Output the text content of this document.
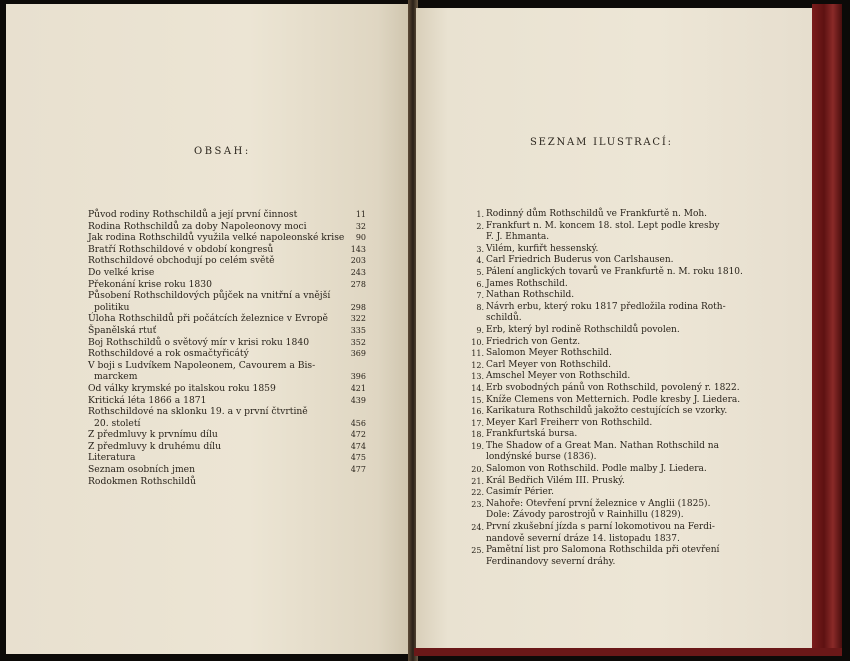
OBSAH:
Původ rodiny Rothschildů a její první činnost	11
Rodina Rothschildů za doby Napoleonovy moci	32
Jak rodina Rothschildů využila velké napoleonské krise 90
Bratří Rothschildové v období kongresů	143
Rothschildové obchodují po celém světě	203
Do velké krise	243
Překonání krise roku 1830	278
Působení Rothschildových půjček na vnitřní a vnější
politiku	298
Úloha Rothschildů při počátcích železnice v Evropě	322
Španělská rtuť	335
Boj Rothschildů o světový mír v krisi roku 1840	352
Rothschildové a rok osmačtyřicátý	369
V boji s Ludvíkem Napoleonem, Cavourem a Bis-
marckem	396
Od války krymské po italskou roku 1859	421
Kritická léta 1866 a 1871	439
Rothschildové na sklonku 19. a v první čtvrtině
20. století	456
Z předmluvy k prvnímu dílu	472
Z předmluvy k druhému dílu	474
Literatura	475
Seznam osobních jmen	477
Rodokmen Rothschildů
SEZNAM ILUSTRACÍ:
1. Rodinný dům Rothschildů ve Frankfurtě n. Moh.
2. Frankfurt n. M. koncem 18. stol. Lept podle kresby
F. J. Ehmanta.
3. Vilém, kurfiřt hessenský.
4. Carl Friedrich Buderus von Carlshausen.
5. Pálení anglických tovarů ve Frankfurtě n. M. roku 1810.
6. James Rothschild.
7. Nathan Rothschild.
8. Návrh erbu, který roku 1817 předložila rodina Roth-
schildů.
9. Erb, který byl rodině Rothschildů povolen.
10. Friedrich von Gentz.
11. Salomon Meyer Rothschild.
12. Carl Meyer von Rothschild.
13. Amschel Meyer von Rothschild.
14. Erb svobodných pánů von Rothschild, povolený r. 1822.
15. Kníže Clemens von Metternich. Podle kresby J. Liedera.
16. Karikatura Rothschildů jakožto cestujících se vzorky.
17. Meyer Karl Freiherr von Rothschild.
18. Frankfurtská bursa.
19. The Shadow of a Great Man. Nathan Rothschild na
londýnské burse (1836).
20. Salomon von Rothschild. Podle malby J. Liedera.
21. Král Bedřich Vilém III. Pruský.
22. Casimír Périer.
23. Nahoře: Otevření první železnice v Anglii (1825).
Dole: Závody parostrojů v Rainhillu (1829).
24. První zkušební jízda s parní lokomotivou na Ferdi-
nandově severní dráze 14. listopadu 1837.
25. Pamětní list pro Salomona Rothschilda při otevření
Ferdinandovy severní dráhy.
